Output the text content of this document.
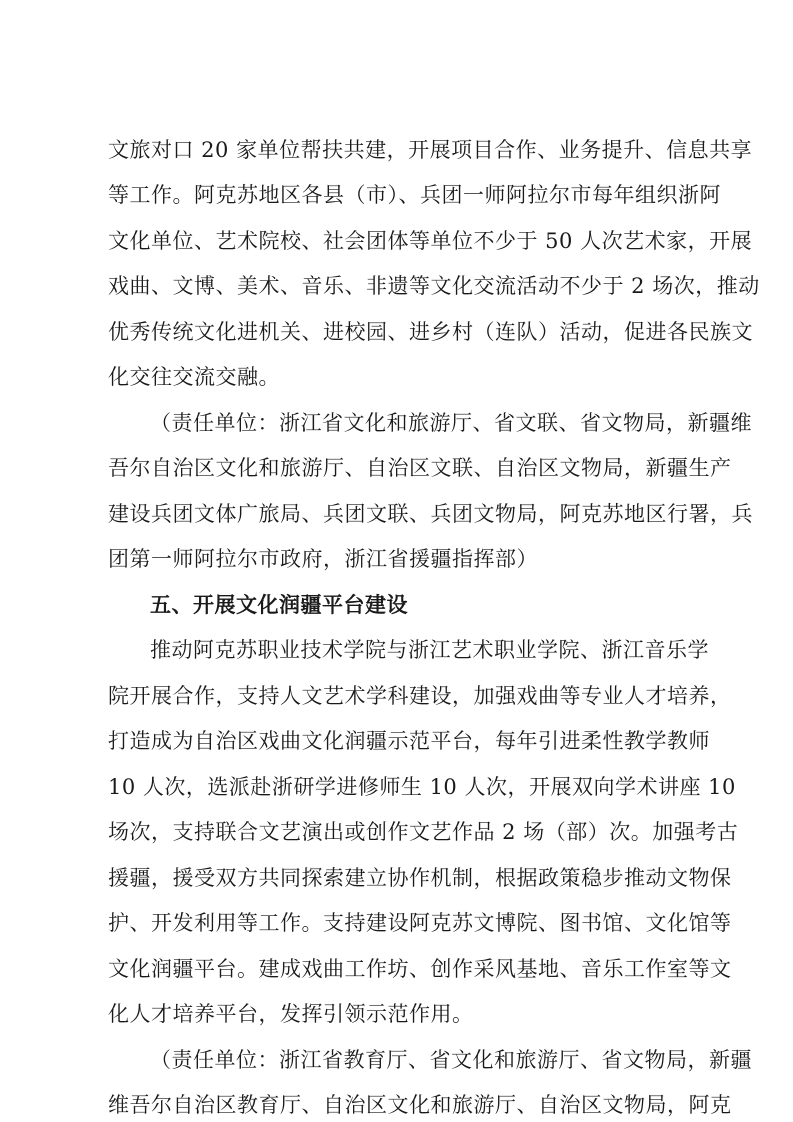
文旅对口 20 家单位帮扶共建，开展项目合作、业务提升、信息共享
等工作。阿克苏地区各县（市）、兵团一师阿拉尔市每年组织浙阿
文化单位、艺术院校、社会团体等单位不少于 50 人次艺术家，开展
戏曲、文博、美术、音乐、非遗等文化交流活动不少于 2 场次，推动
优秀传统文化进机关、进校园、进乡村（连队）活动，促进各民族文
化交往交流交融。
（责任单位：浙江省文化和旅游厅、省文联、省文物局，新疆维
吾尔自治区文化和旅游厅、自治区文联、自治区文物局，新疆生产
建设兵团文体广旅局、兵团文联、兵团文物局，阿克苏地区行署，兵
团第一师阿拉尔市政府，浙江省援疆指挥部）
五、开展文化润疆平台建设
推动阿克苏职业技术学院与浙江艺术职业学院、浙江音乐学
院开展合作，支持人文艺术学科建设，加强戏曲等专业人才培养，
打造成为自治区戏曲文化润疆示范平台，每年引进柔性教学教师
10 人次，选派赴浙研学进修师生 10 人次，开展双向学术讲座 10
场次，支持联合文艺演出或创作文艺作品 2 场（部）次。加强考古
援疆，援受双方共同探索建立协作机制，根据政策稳步推动文物保
护、开发利用等工作。支持建设阿克苏文博院、图书馆、文化馆等
文化润疆平台。建成戏曲工作坊、创作采风基地、音乐工作室等文
化人才培养平台，发挥引领示范作用。
（责任单位：浙江省教育厅、省文化和旅游厅、省文物局，新疆
维吾尔自治区教育厅、自治区文化和旅游厅、自治区文物局，阿克
